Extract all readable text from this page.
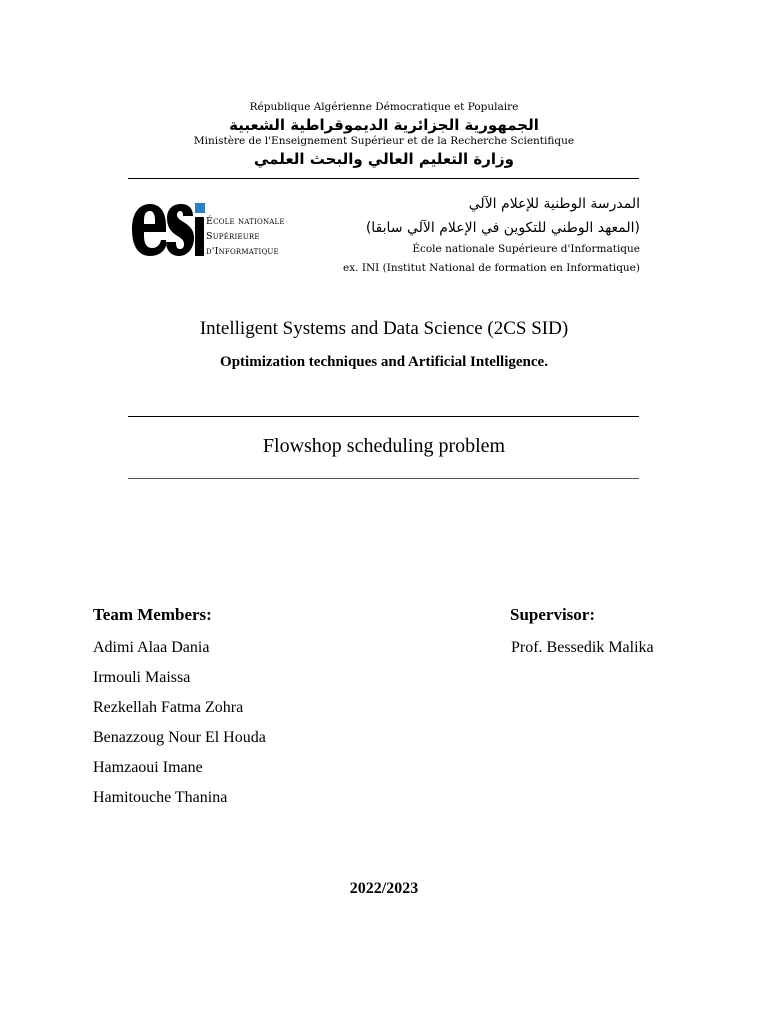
République Algérienne Démocratique et Populaire
الجمهورية الجزائرية الديموقراطية الشعبية
Ministère de l'Enseignement Supérieur et de la Recherche Scientifique
وزارة التعليم العالي والبحث العلمي
École nationale
Supérieure
d'Informatique
المدرسة الوطنية للإعلام الآلي
(المعهد الوطني للتكوين في الإعلام الآلي سابقا)
École nationale Supérieure d'Informatique
ex. INI (Institut National de formation en Informatique)
Intelligent Systems and Data Science (2CS SID)
Optimization techniques and Artificial Intelligence.
Flowshop scheduling problem
Team Members:
Adimi Alaa Dania
Irmouli Maissa
Rezkellah Fatma Zohra
Benazzoug Nour El Houda
Hamzaoui Imane
Hamitouche Thanina
Supervisor:
Prof. Bessedik Malika
2022/2023
